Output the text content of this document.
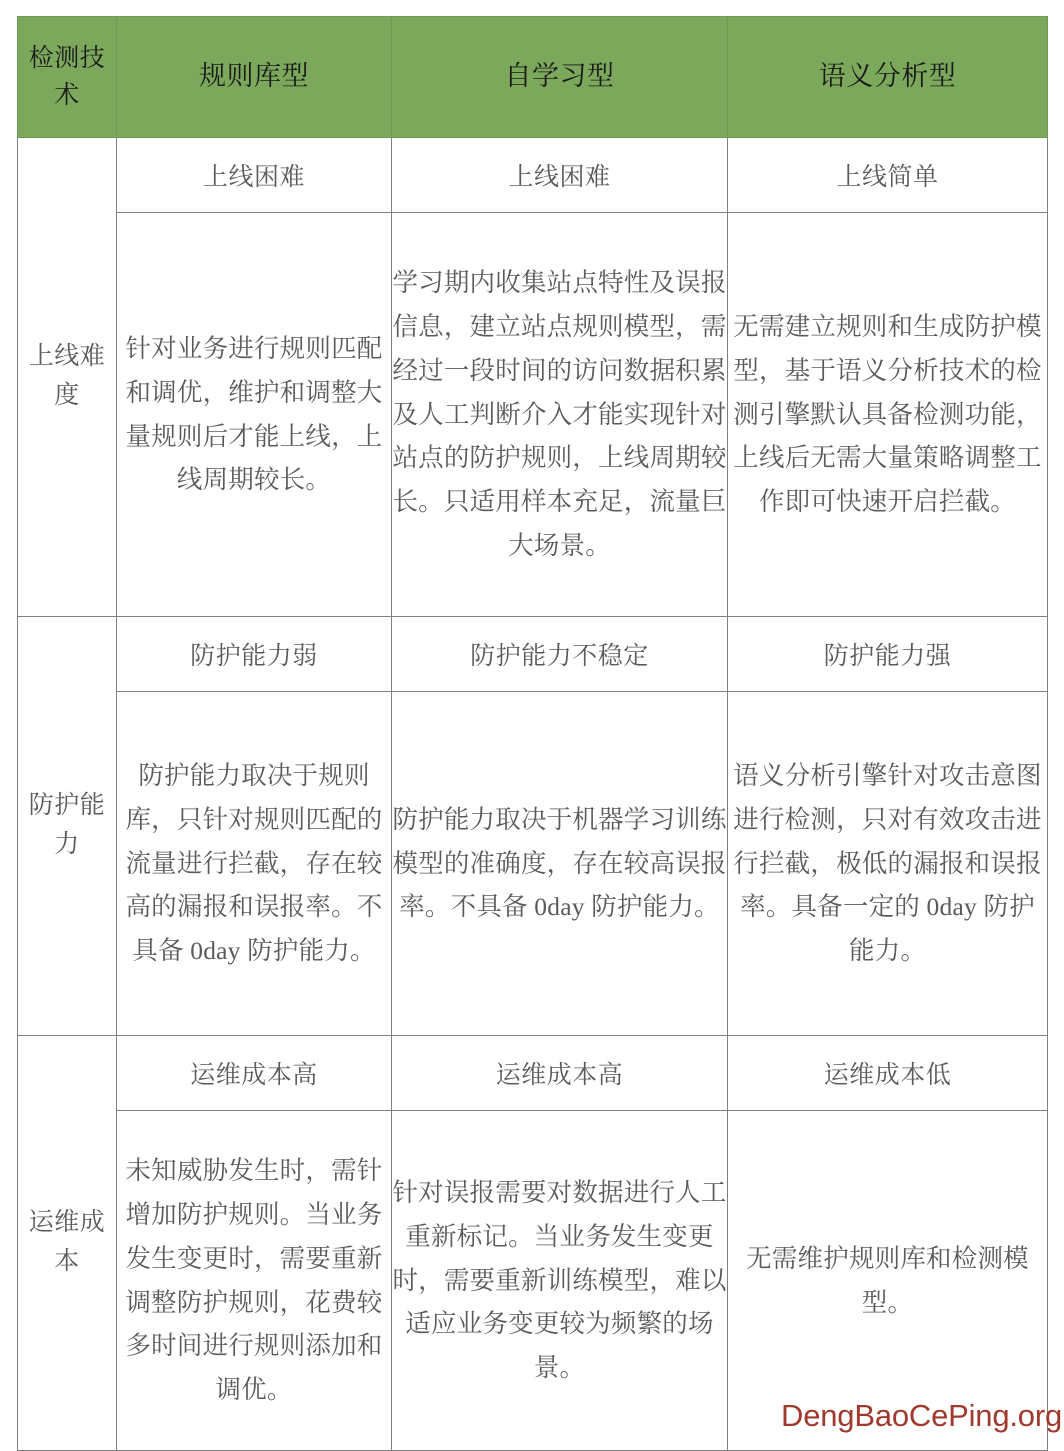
检测技术	规则库型	自学习型	语义分析型
上线难度	上线困难	上线困难	上线简单
	针对业务进行规则匹配和调优，维护和调整大量规则后才能上线，上线周期较长。	学习期内收集站点特性及误报信息，建立站点规则模型，需经过一段时间的访问数据积累及人工判断介入才能实现针对站点的防护规则，上线周期较长。只适用样本充足，流量巨大场景。	无需建立规则和生成防护模型，基于语义分析技术的检测引擎默认具备检测功能，上线后无需大量策略调整工作即可快速开启拦截。
防护能力	防护能力弱	防护能力不稳定	防护能力强
	防护能力取决于规则库，只针对规则匹配的流量进行拦截，存在较高的漏报和误报率。不具备 0day 防护能力。	防护能力取决于机器学习训练模型的准确度，存在较高误报率。不具备 0day 防护能力。	语义分析引擎针对攻击意图进行检测，只对有效攻击进行拦截，极低的漏报和误报率。具备一定的 0day 防护能力。
运维成本	运维成本高	运维成本高	运维成本低
	未知威胁发生时，需针增加防护规则。当业务发生变更时，需要重新调整防护规则，花费较多时间进行规则添加和调优。	针对误报需要对数据进行人工重新标记。当业务发生变更时，需要重新训练模型，难以适应业务变更较为频繁的场景。	无需维护规则库和检测模型。
DengBaoCePing.org
